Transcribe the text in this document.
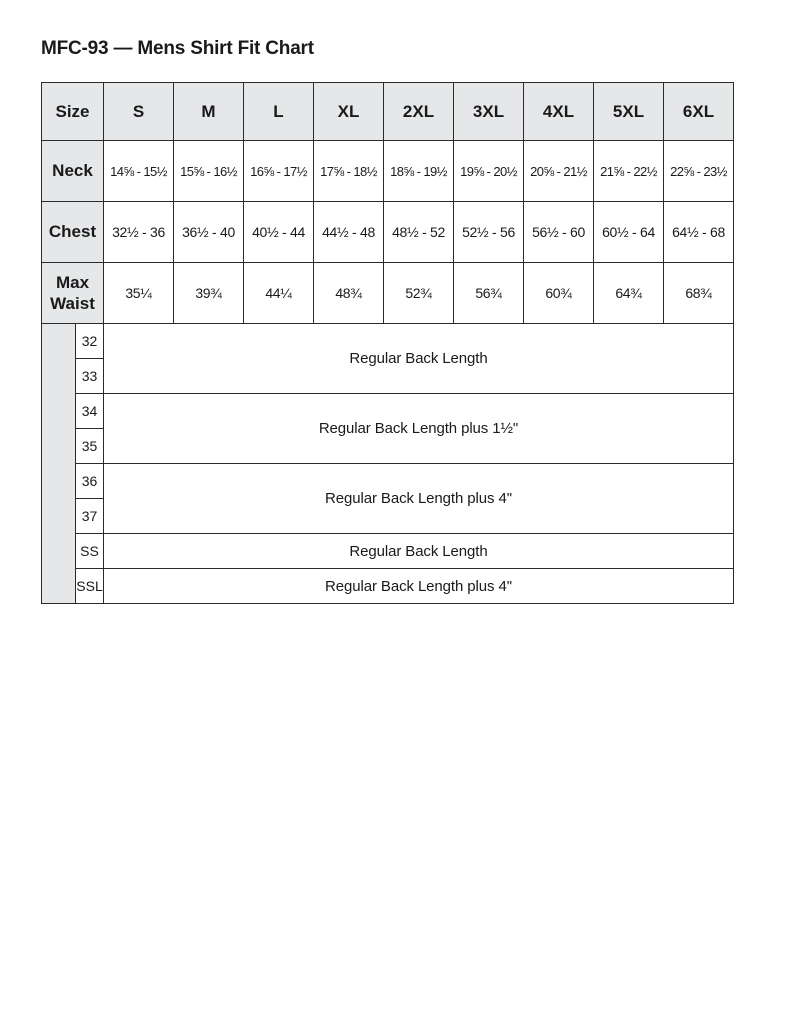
MFC-93 — Mens Shirt Fit Chart
Size		S	M	L	XL	2XL	3XL	4XL	5XL	6XL
Neck		14⅝ - 15½	15⅝ - 16½	16⅝ - 17½	17⅝ - 18½	18⅝ - 19½	19⅝ - 20½	20⅝ - 21½	21⅝ - 22½	22⅝ - 23½
Chest		32½ - 36	36½ - 40	40½ - 44	44½ - 48	48½ - 52	52½ - 56	56½ - 60	60½ - 64	64½ - 68

Max
Waist		35¼	39¾	44¼	48¾	52¾	56¾	60¾	64¾	68¾
	32	Regular Back Length								
	33									
	34	Regular Back Length plus 1½"								
	35									
	36	Regular Back Length plus 4"								
	37									
	SS	Regular Back Length								
	SSL	Regular Back Length plus 4"								
